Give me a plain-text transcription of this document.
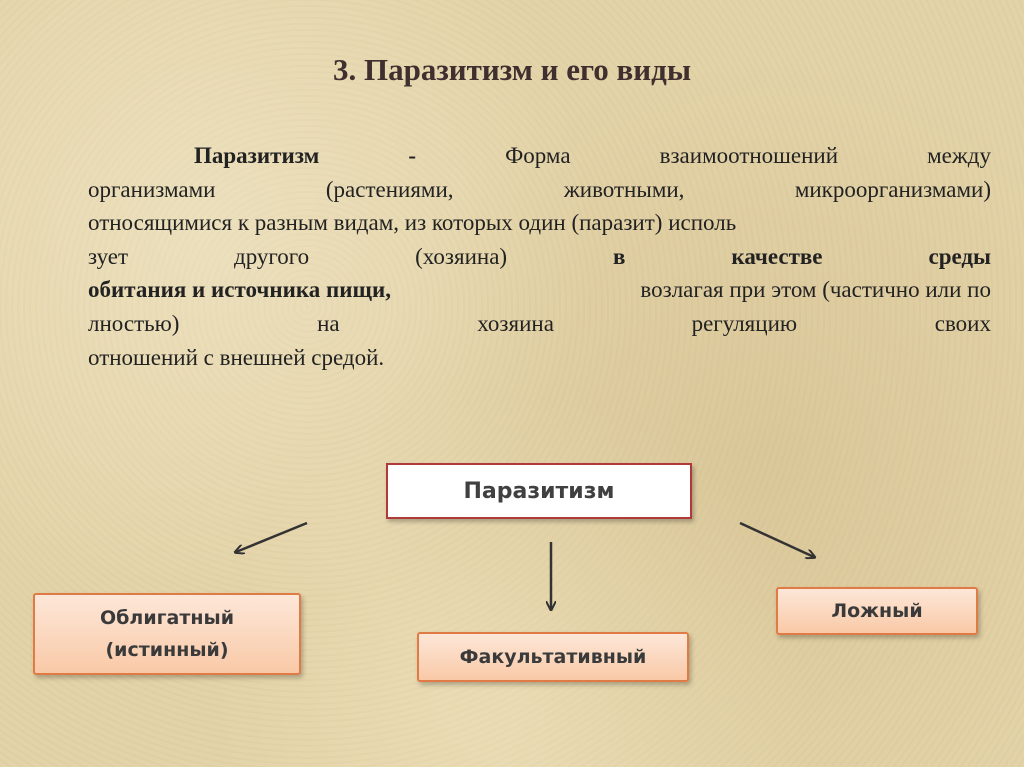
3. Паразитизм и его виды
Паразитизм	-	Форма	взаимоотношений	между
организмами	(растениями,	животными,	микроорганизмами)
относящимися к разным видам, из которых один (паразит) исполь
зует	другого	(хозяина)	в	качестве	среды
обитания и источника пищи,	возлагая при этом (частично или по
лностью)	на	хозяина	регуляцию	своих
отношений с внешней средой.
Паразитизм
Облигатный
(истинный)	Факультативный
Ложный
